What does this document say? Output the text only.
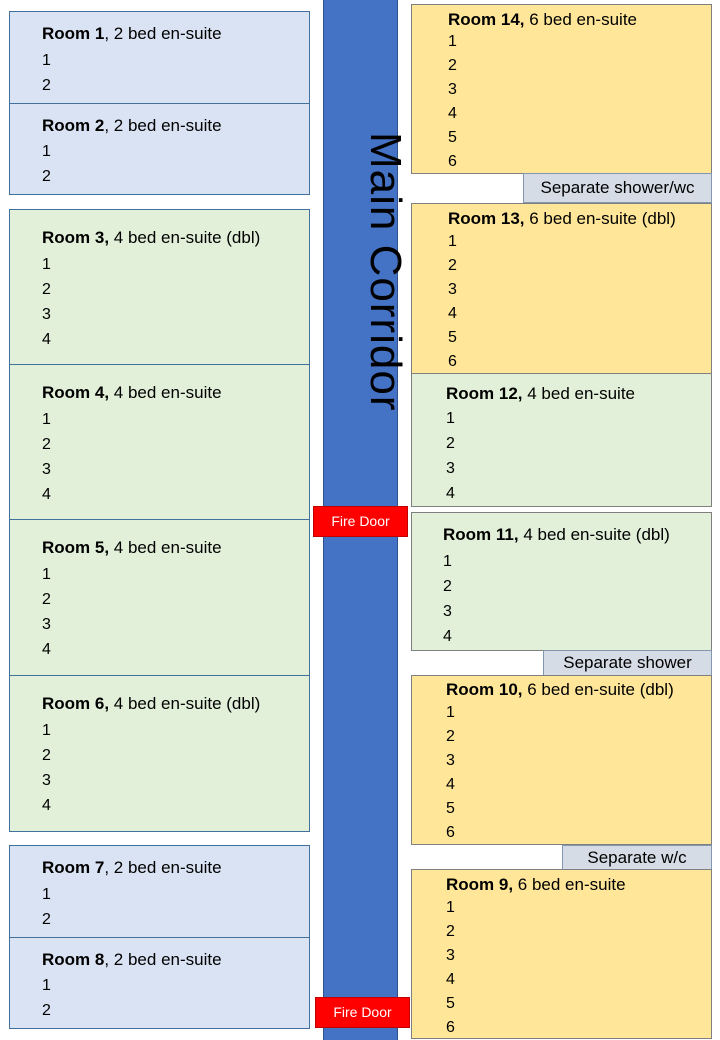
Main Corridor
Fire Door
Fire Door
Room 1, 2 bed en-suite
1
2
Room 2, 2 bed en-suite
1
2
Room 3, 4 bed en-suite (dbl)
1
2
3
4
Room 4, 4 bed en-suite
1
2
3
4
Room 5, 4 bed en-suite
1
2
3
4
Room 6, 4 bed en-suite (dbl)
1
2
3
4
Room 7, 2 bed en-suite
1
2
Room 8, 2 bed en-suite
1
2
Room 14, 6 bed en-suite
1
2
3
4
5
6
Separate shower/wc
Room 13, 6 bed en-suite (dbl)
1
2
3
4
5
6
Room 12, 4 bed en-suite
1
2
3
4
Room 11, 4 bed en-suite (dbl)
1
2
3
4
Separate shower
Room 10, 6 bed en-suite (dbl)
1
2
3
4
5
6
Separate w/c
Room 9, 6 bed en-suite
1
2
3
4
5
6
